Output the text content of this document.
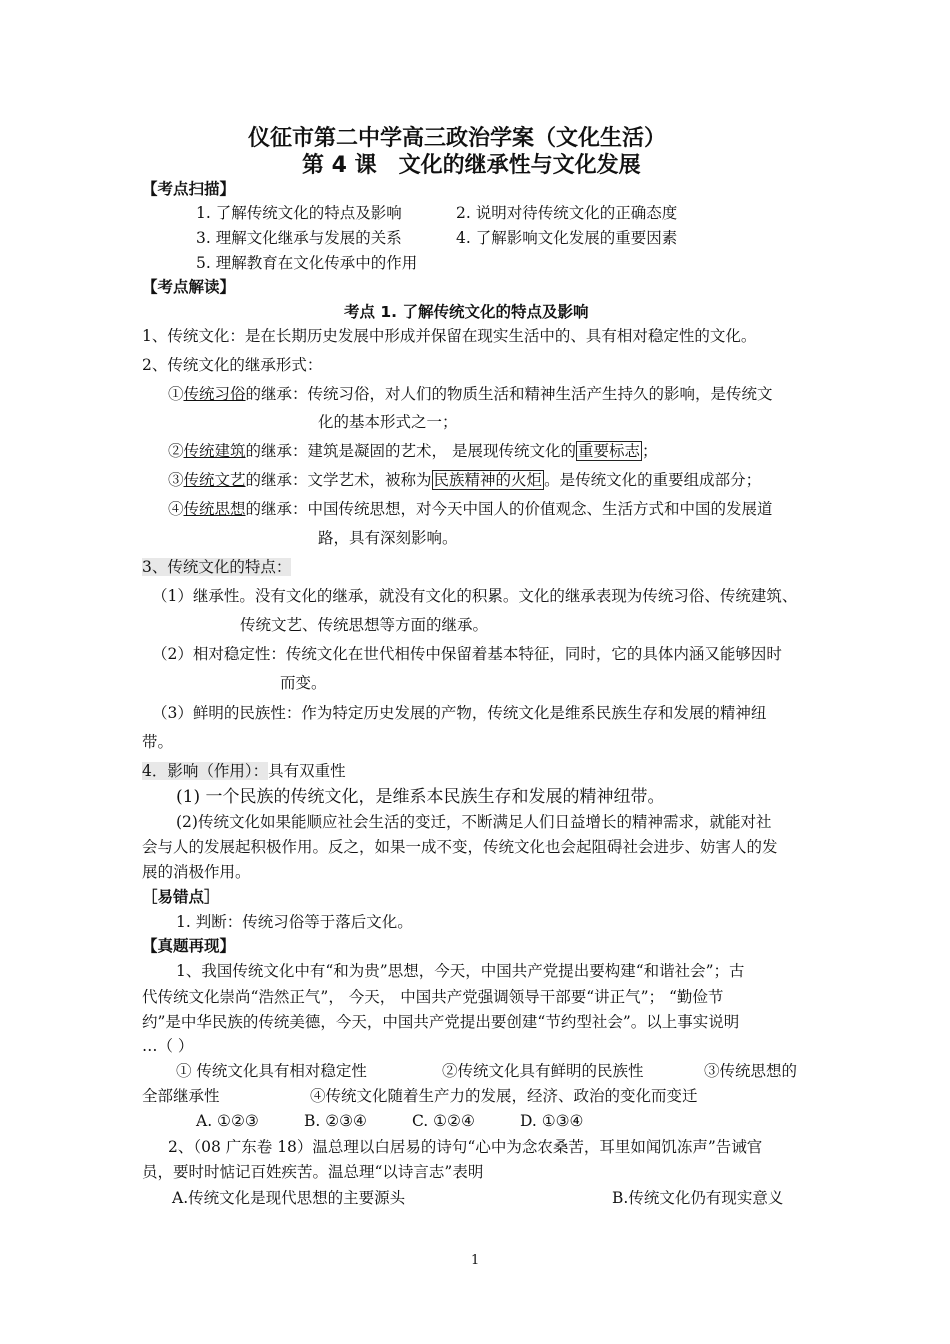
仪征市第二中学高三政治学案（文化生活）
第 4 课　文化的继承性与文化发展
【考点扫描】
1. 了解传统文化的特点及影响	2. 说明对待传统文化的正确态度
3. 理解文化继承与发展的关系	4. 了解影响文化发展的重要因素
5. 理解教育在文化传承中的作用
【考点解读】
考点 1. 了解传统文化的特点及影响
1、传统文化：是在长期历史发展中形成并保留在现实生活中的、具有相对稳定性的文化。
2、传统文化的继承形式：
①传统习俗的继承：传统习俗，对人们的物质生活和精神生活产生持久的影响，是传统文
化的基本形式之一；
②传统建筑的继承：建筑是凝固的艺术， 是展现传统文化的 重要标志 ；
③传统文艺的继承：文学艺术，被称为 民族精神的火炬 。是传统文化的重要组成部分；
④传统思想的继承：中国传统思想，对今天中国人的价值观念、生活方式和中国的发展道
路，具有深刻影响。
3、传统文化的特点：
（1）继承性。没有文化的继承，就没有文化的积累。文化的继承表现为传统习俗、传统建筑、
传统文艺、传统思想等方面的继承。
（2）相对稳定性：传统文化在世代相传中保留着基本特征，同时，它的具体内涵又能够因时
而变。
（3）鲜明的民族性：作为特定历史发展的产物，传统文化是维系民族生存和发展的精神纽
带。
4．影响（作用）：具有双重性
(1) 一个民族的传统文化，是维系本民族生存和发展的精神纽带。
(2)传统文化如果能顺应社会生活的变迁，不断满足人们日益增长的精神需求，就能对社
会与人的发展起积极作用。反之，如果一成不变，传统文化也会起阻碍社会进步、妨害人的发
展的消极作用。
［易错点］
1. 判断：传统习俗等于落后文化。
【真题再现】
1、我国传统文化中有“和为贵”思想，今天，中国共产党提出要构建“和谐社会”；古
代传统文化崇尚“浩然正气”， 今天， 中国共产党强调领导干部要“讲正气”； “勤俭节
约”是中华民族的传统美德，今天，中国共产党提出要创建“节约型社会”。以上事实说明
…（ ）
① 传统文化具有相对稳定性	②传统文化具有鲜明的民族性	③传统思想的
全部继承性	④传统文化随着生产力的发展，经济、政治的变化而变迁
A. ①②③	B. ②③④	C. ①②④	D. ①③④
2、（08 广东卷 18）温总理以白居易的诗句“心中为念农桑苦，耳里如闻饥冻声”告诫官
员，要时时惦记百姓疾苦。温总理“以诗言志”表明
A.传统文化是现代思想的主要源头	B.传统文化仍有现实意义
1
